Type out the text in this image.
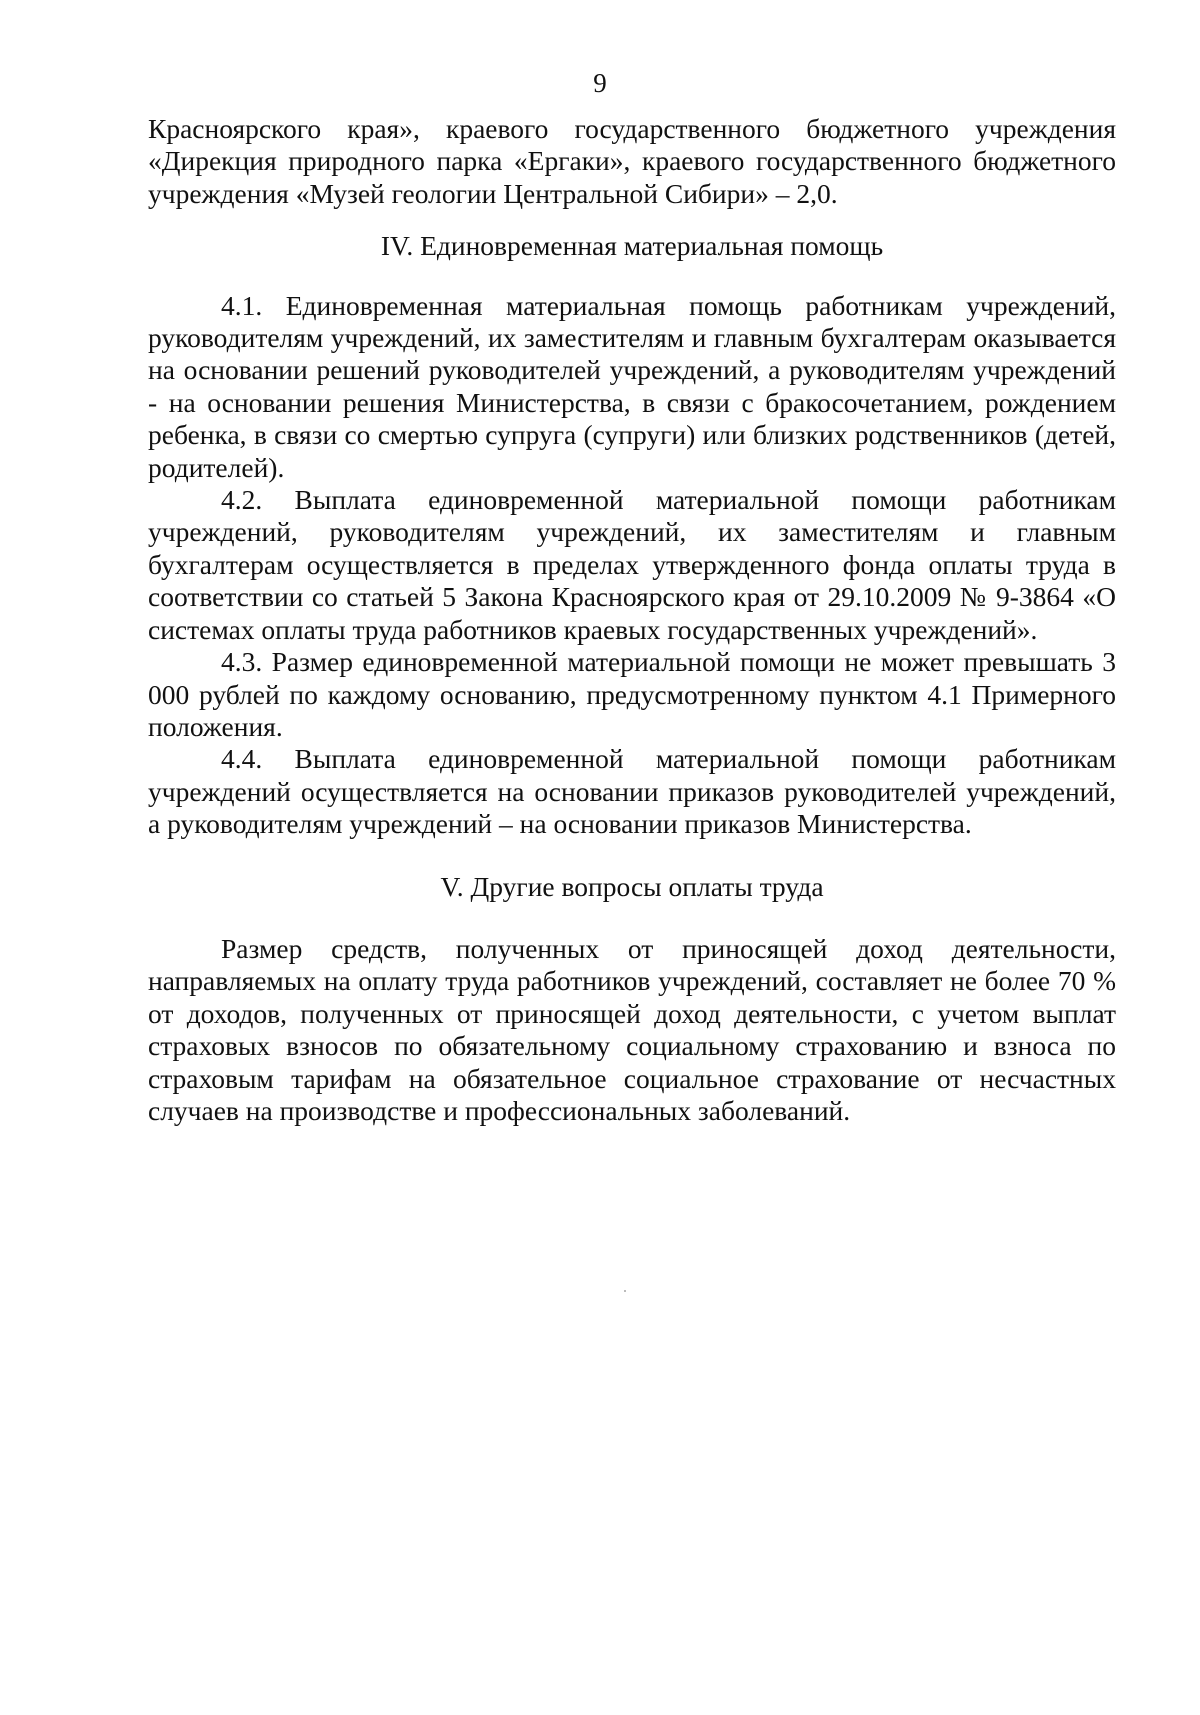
9

Красноярского края», краевого государственного бюджетного учреждения «Дирекция природного парка «Ергаки», краевого государственного бюджетного учреждения «Музей геологии Центральной Сибири» – 2,0.

IV. Единовременная материальная помощь

4.1. Единовременная материальная помощь работникам учреждений, руководителям учреждений, их заместителям и главным бухгалтерам оказывается на основании решений руководителей учреждений, а руководителям учреждений - на основании решения Министерства, в связи с бракосочетанием, рождением ребенка, в связи со смертью супруга (супруги) или близких родственников (детей, родителей).

4.2. Выплата единовременной материальной помощи работникам учреждений, руководителям учреждений, их заместителям и главным бухгалтерам осуществляется в пределах утвержденного фонда оплаты труда в соответствии со статьей 5 Закона Красноярского края от 29.10.2009 № 9-3864 «О системах оплаты труда работников краевых государственных учреждений».

4.3. Размер единовременной материальной помощи не может превышать 3 000 рублей по каждому основанию, предусмотренному пунктом 4.1 Примерного положения.

4.4. Выплата единовременной материальной помощи работникам учреждений осуществляется на основании приказов руководителей учреждений, а руководителям учреждений – на основании приказов Министерства.

V. Другие вопросы оплаты труда

Размер средств, полученных от приносящей доход деятельности, направляемых на оплату труда работников учреждений, составляет не более 70 % от доходов, полученных от приносящей доход деятельности, с учетом выплат страховых взносов по обязательному социальному страхованию и взноса по страховым тарифам на обязательное социальное страхование от несчастных случаев на производстве и профессиональных заболеваний.
